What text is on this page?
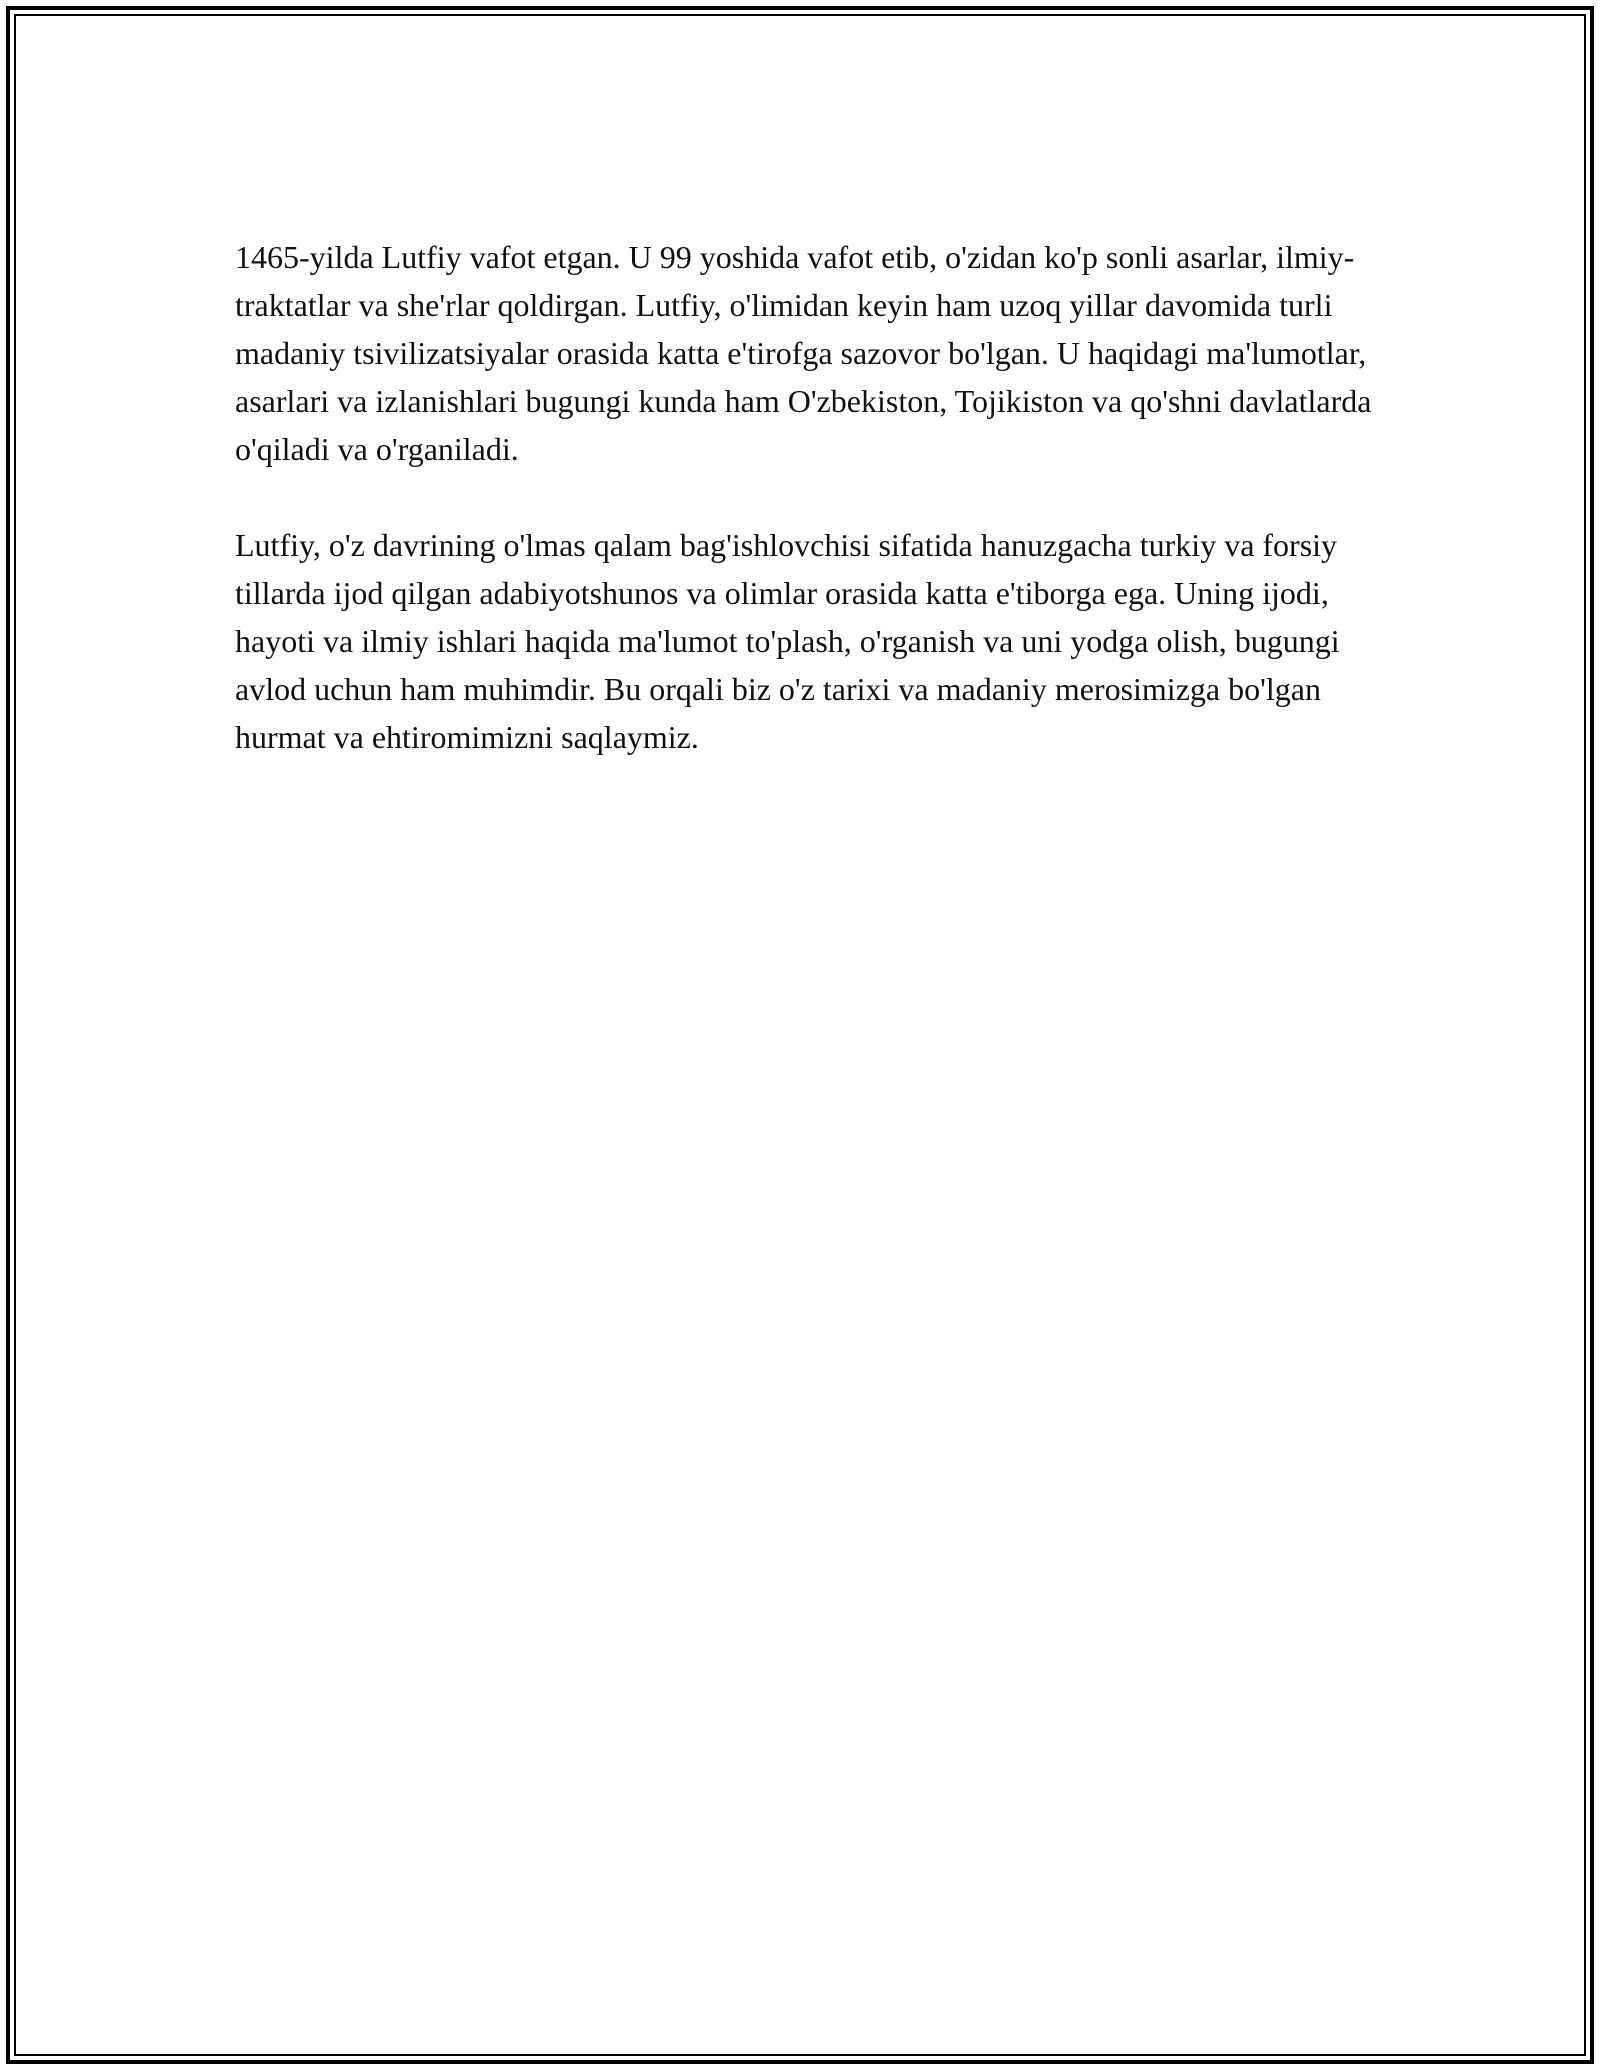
1465-yilda Lutfiy vafot etgan. U 99 yoshida vafot etib, o'zidan ko'p sonli asarlar, ilmiy-traktatlar va she'rlar qoldirgan. Lutfiy, o'limidan keyin ham uzoq yillar davomida turli madaniy tsivilizatsiyalar orasida katta e'tirofga sazovor bo'lgan. U haqidagi ma'lumotlar, asarlari va izlanishlari bugungi kunda ham O'zbekiston, Tojikiston va qo'shni davlatlarda o'qiladi va o'rganiladi.

Lutfiy, o'z davrining o'lmas qalam bag'ishlovchisi sifatida hanuzgacha turkiy va forsiy tillarda ijod qilgan adabiyotshunos va olimlar orasida katta e'tiborga ega. Uning ijodi, hayoti va ilmiy ishlari haqida ma'lumot to'plash, o'rganish va uni yodga olish, bugungi avlod uchun ham muhimdir. Bu orqali biz o'z tarixi va madaniy merosimizga bo'lgan hurmat va ehtiromimizni saqlaymiz.
